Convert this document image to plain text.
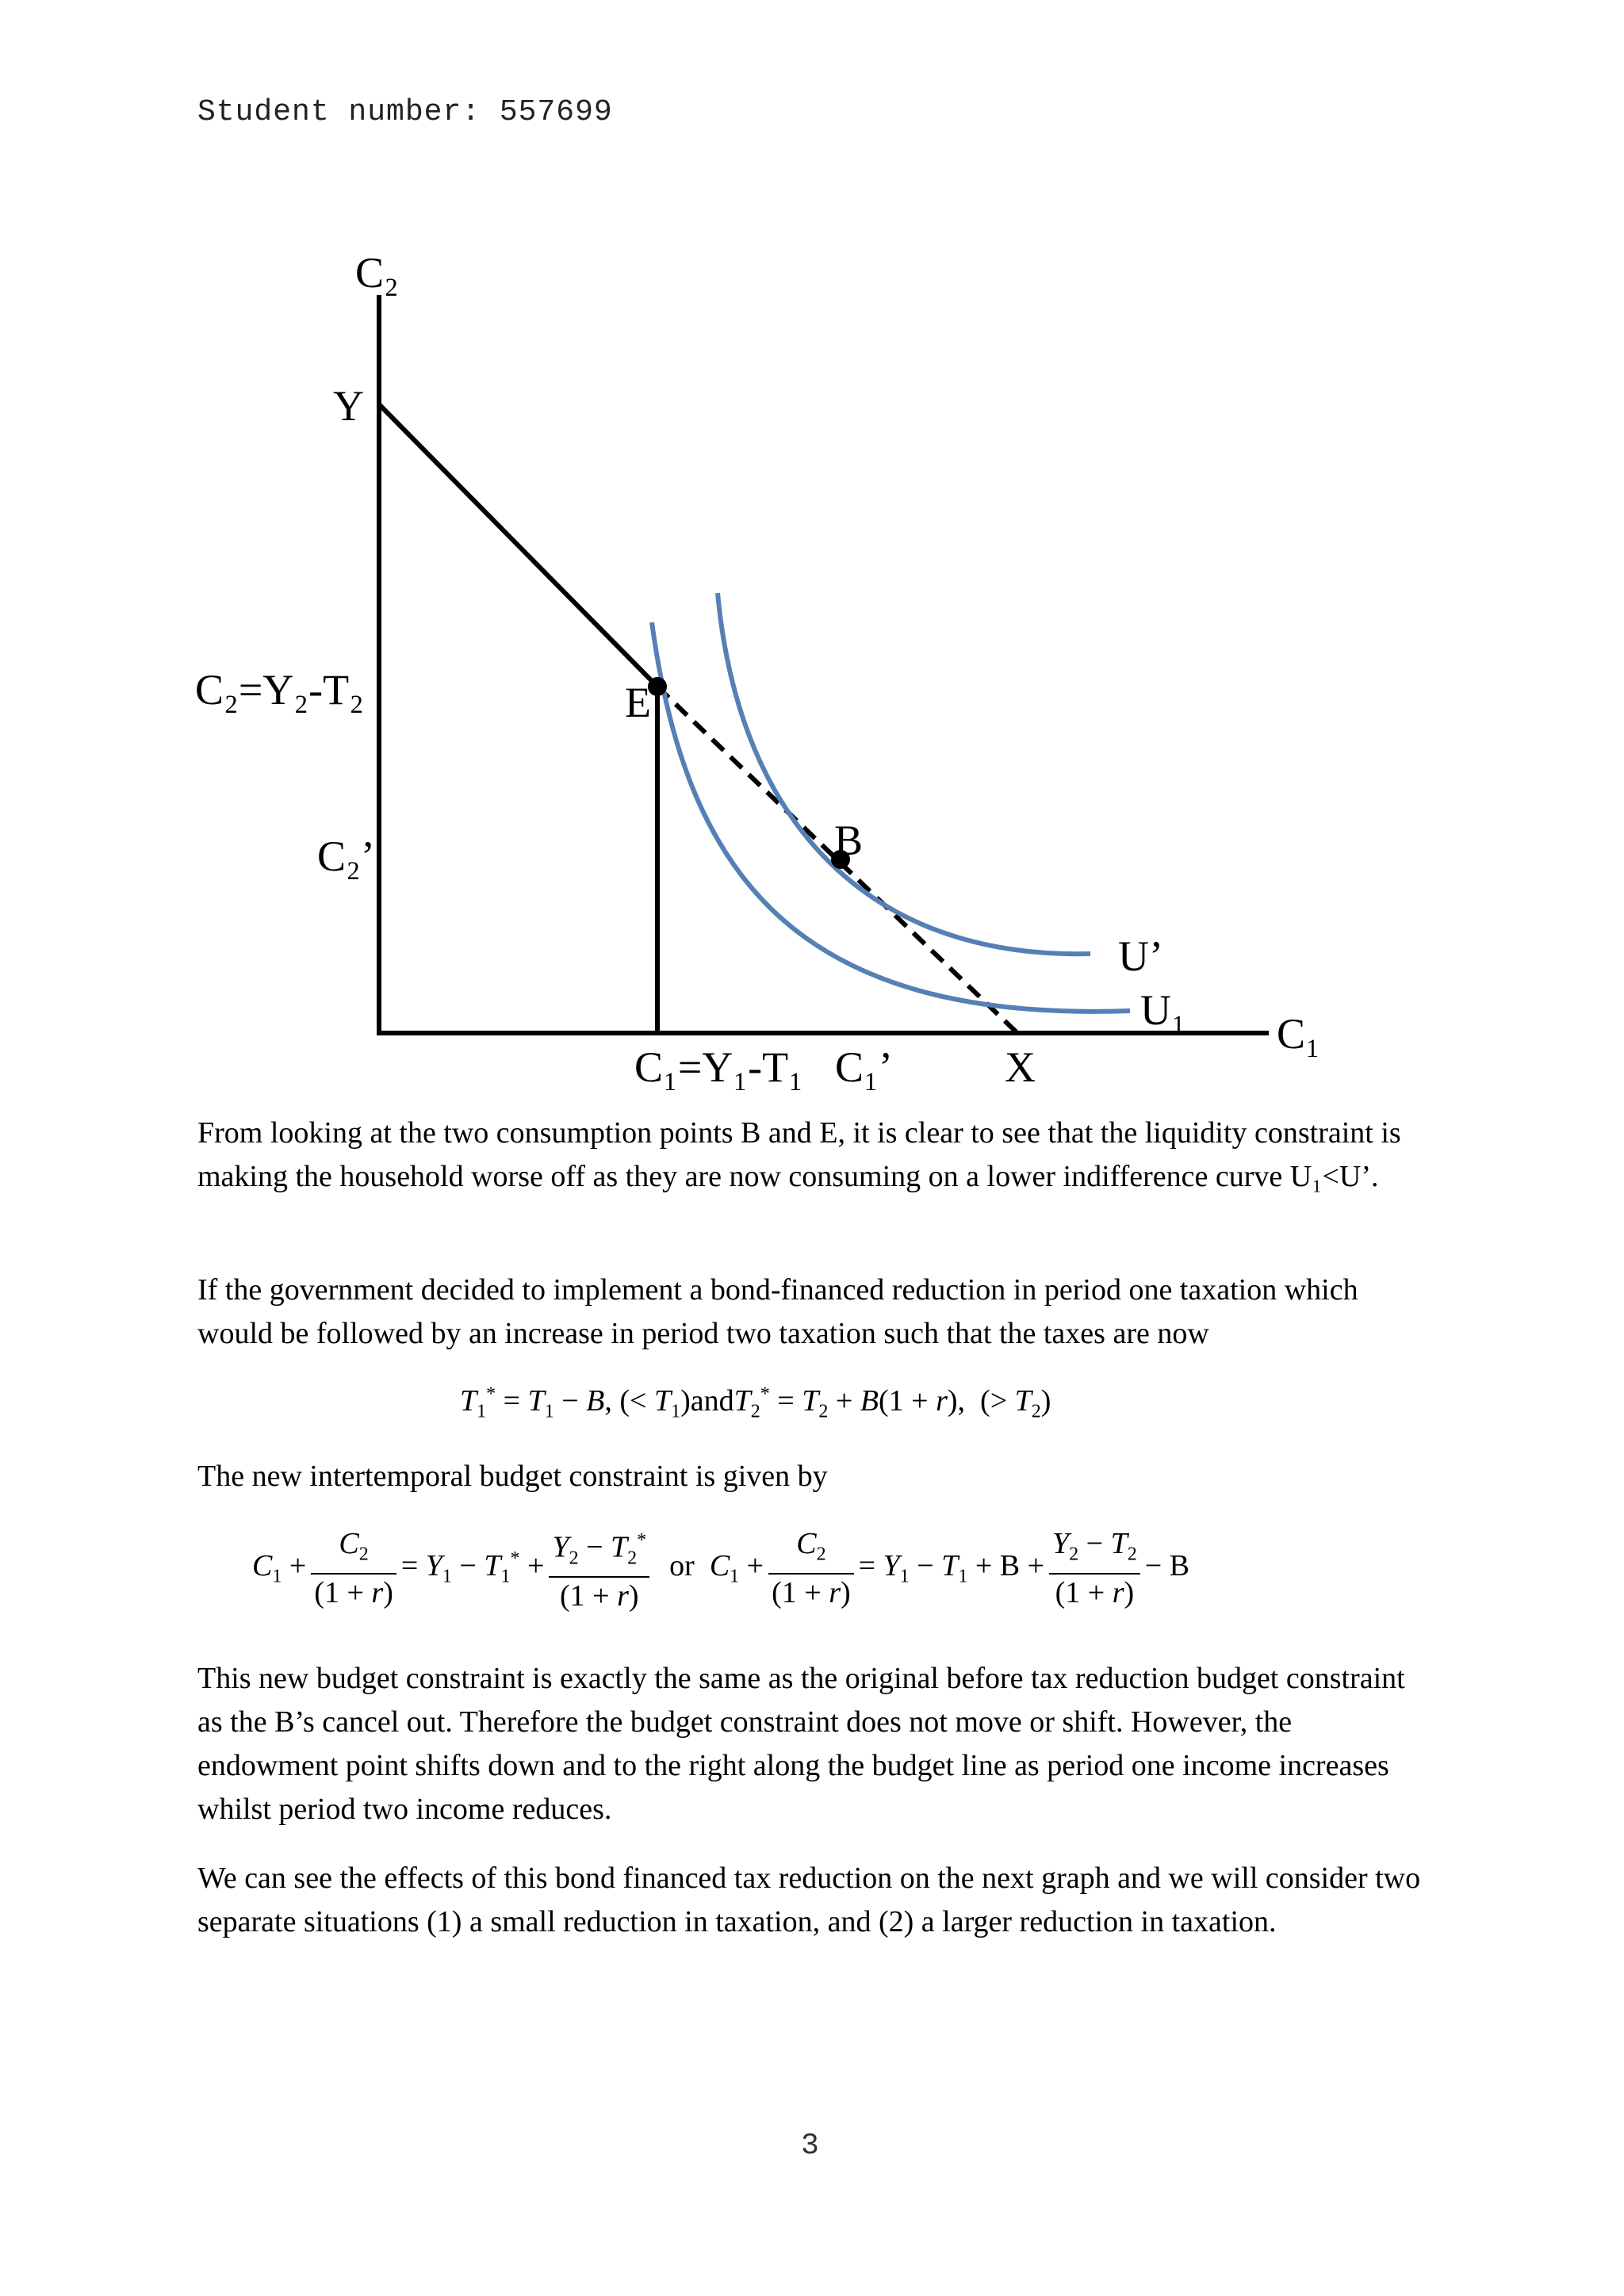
Student number: 557699
C₂
Y
C₂=Y₂-T₂
C₂’
E
B
U’
U₁ C₁
C₁=Y₁-T₁ C₁’	X

From looking at the two consumption points B and E, it is clear to see that the liquidity constraint is making the household worse off as they are now consuming on a lower indifference curve U₁<U’.

If the government decided to implement a bond-financed reduction in period one taxation which would be followed by an increase in period two taxation such that the taxes are now

$T_1^* = T_1 - B$, (< $T_1)andT_2^* = T_2 + B(1 + r)$,  (> $T_2$)

The new intertemporal budget constraint is given by

$C_1 + \frac{C_2}{(1 + r)} = Y_1 - T_1^* + \frac{Y_2 - T_2^*}{(1 + r)}$ or $C_1 + \frac{C_2}{(1 + r)} = Y_1 - T_1 + B + \frac{Y_2 - T_2}{(1 + r)} - B$

This new budget constraint is exactly the same as the original before tax reduction budget constraint as the B’s cancel out. Therefore the budget constraint does not move or shift. However, the endowment point shifts down and to the right along the budget line as period one income increases whilst period two income reduces.

We can see the effects of this bond financed tax reduction on the next graph and we will consider two separate situations (1) a small reduction in taxation, and (2) a larger reduction in taxation.

3
